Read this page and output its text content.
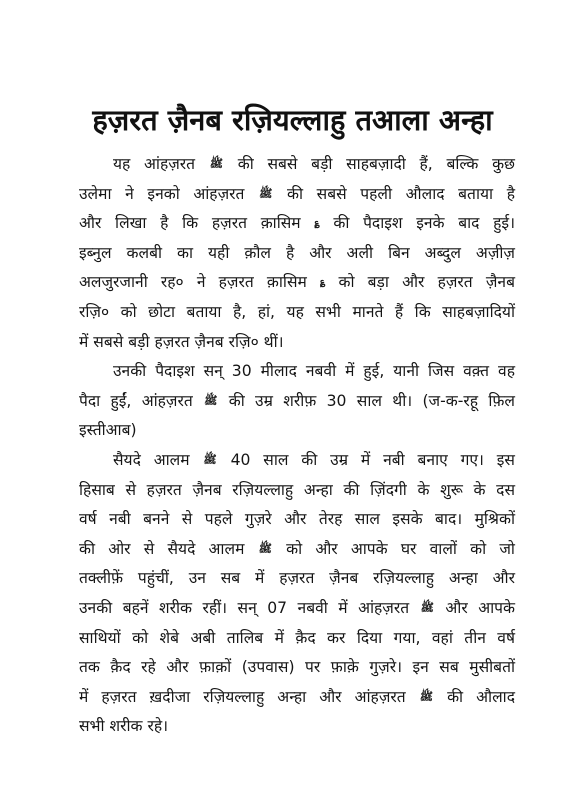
हज़रत ज़ैनब रज़ियल्लाहु तआला अन्हा
यह आंहज़रत ﷺ की सबसे बड़ी साहबज़ादी हैं, बल्कि कुछ
उलेमा ने इनको आंहज़रत ﷺ की सबसे पहली औलाद बताया है
और लिखा है कि हज़रत क़ासिम ؏ की पैदाइश इनके बाद हुई।
इब्नुल कलबी का यही क़ौल है और अली बिन अब्दुल अज़ीज़
अलजुरजानी रह० ने हज़रत क़ासिम ؏ को बड़ा और हज़रत ज़ैनब
रज़ि० को छोटा बताया है, हां, यह सभी मानते हैं कि साहबज़ादियों
में सबसे बड़ी हज़रत ज़ैनब रज़ि० थीं।
उनकी पैदाइश सन् 30 मीलाद नबवी में हुई, यानी जिस वक़्त वह
पैदा हुईं, आंहज़रत ﷺ की उम्र शरीफ़ 30 साल थी। (ज-क-रहू फ़िल
इस्तीआब)
सैयदे आलम ﷺ 40 साल की उम्र में नबी बनाए गए। इस
हिसाब से हज़रत ज़ैनब रज़ियल्लाहु अन्हा की ज़िंदगी के शुरू के दस
वर्ष नबी बनने से पहले गुज़रे और तेरह साल इसके बाद। मुश्रिकों
की ओर से सैयदे आलम ﷺ को और आपके घर वालों को जो
तक्लीफ़ें पहुंचीं, उन सब में हज़रत ज़ैनब रज़ियल्लाहु अन्हा और
उनकी बहनें शरीक रहीं। सन् 07 नबवी में आंहज़रत ﷺ और आपके
साथियों को शेबे अबी तालिब में क़ैद कर दिया गया, वहां तीन वर्ष
तक क़ैद रहे और फ़ाक़ों (उपवास) पर फ़ाक़े गुज़रे। इन सब मुसीबतों
में हज़रत ख़दीजा रज़ियल्लाहु अन्हा और आंहज़रत ﷺ की औलाद
सभी शरीक रहे।
